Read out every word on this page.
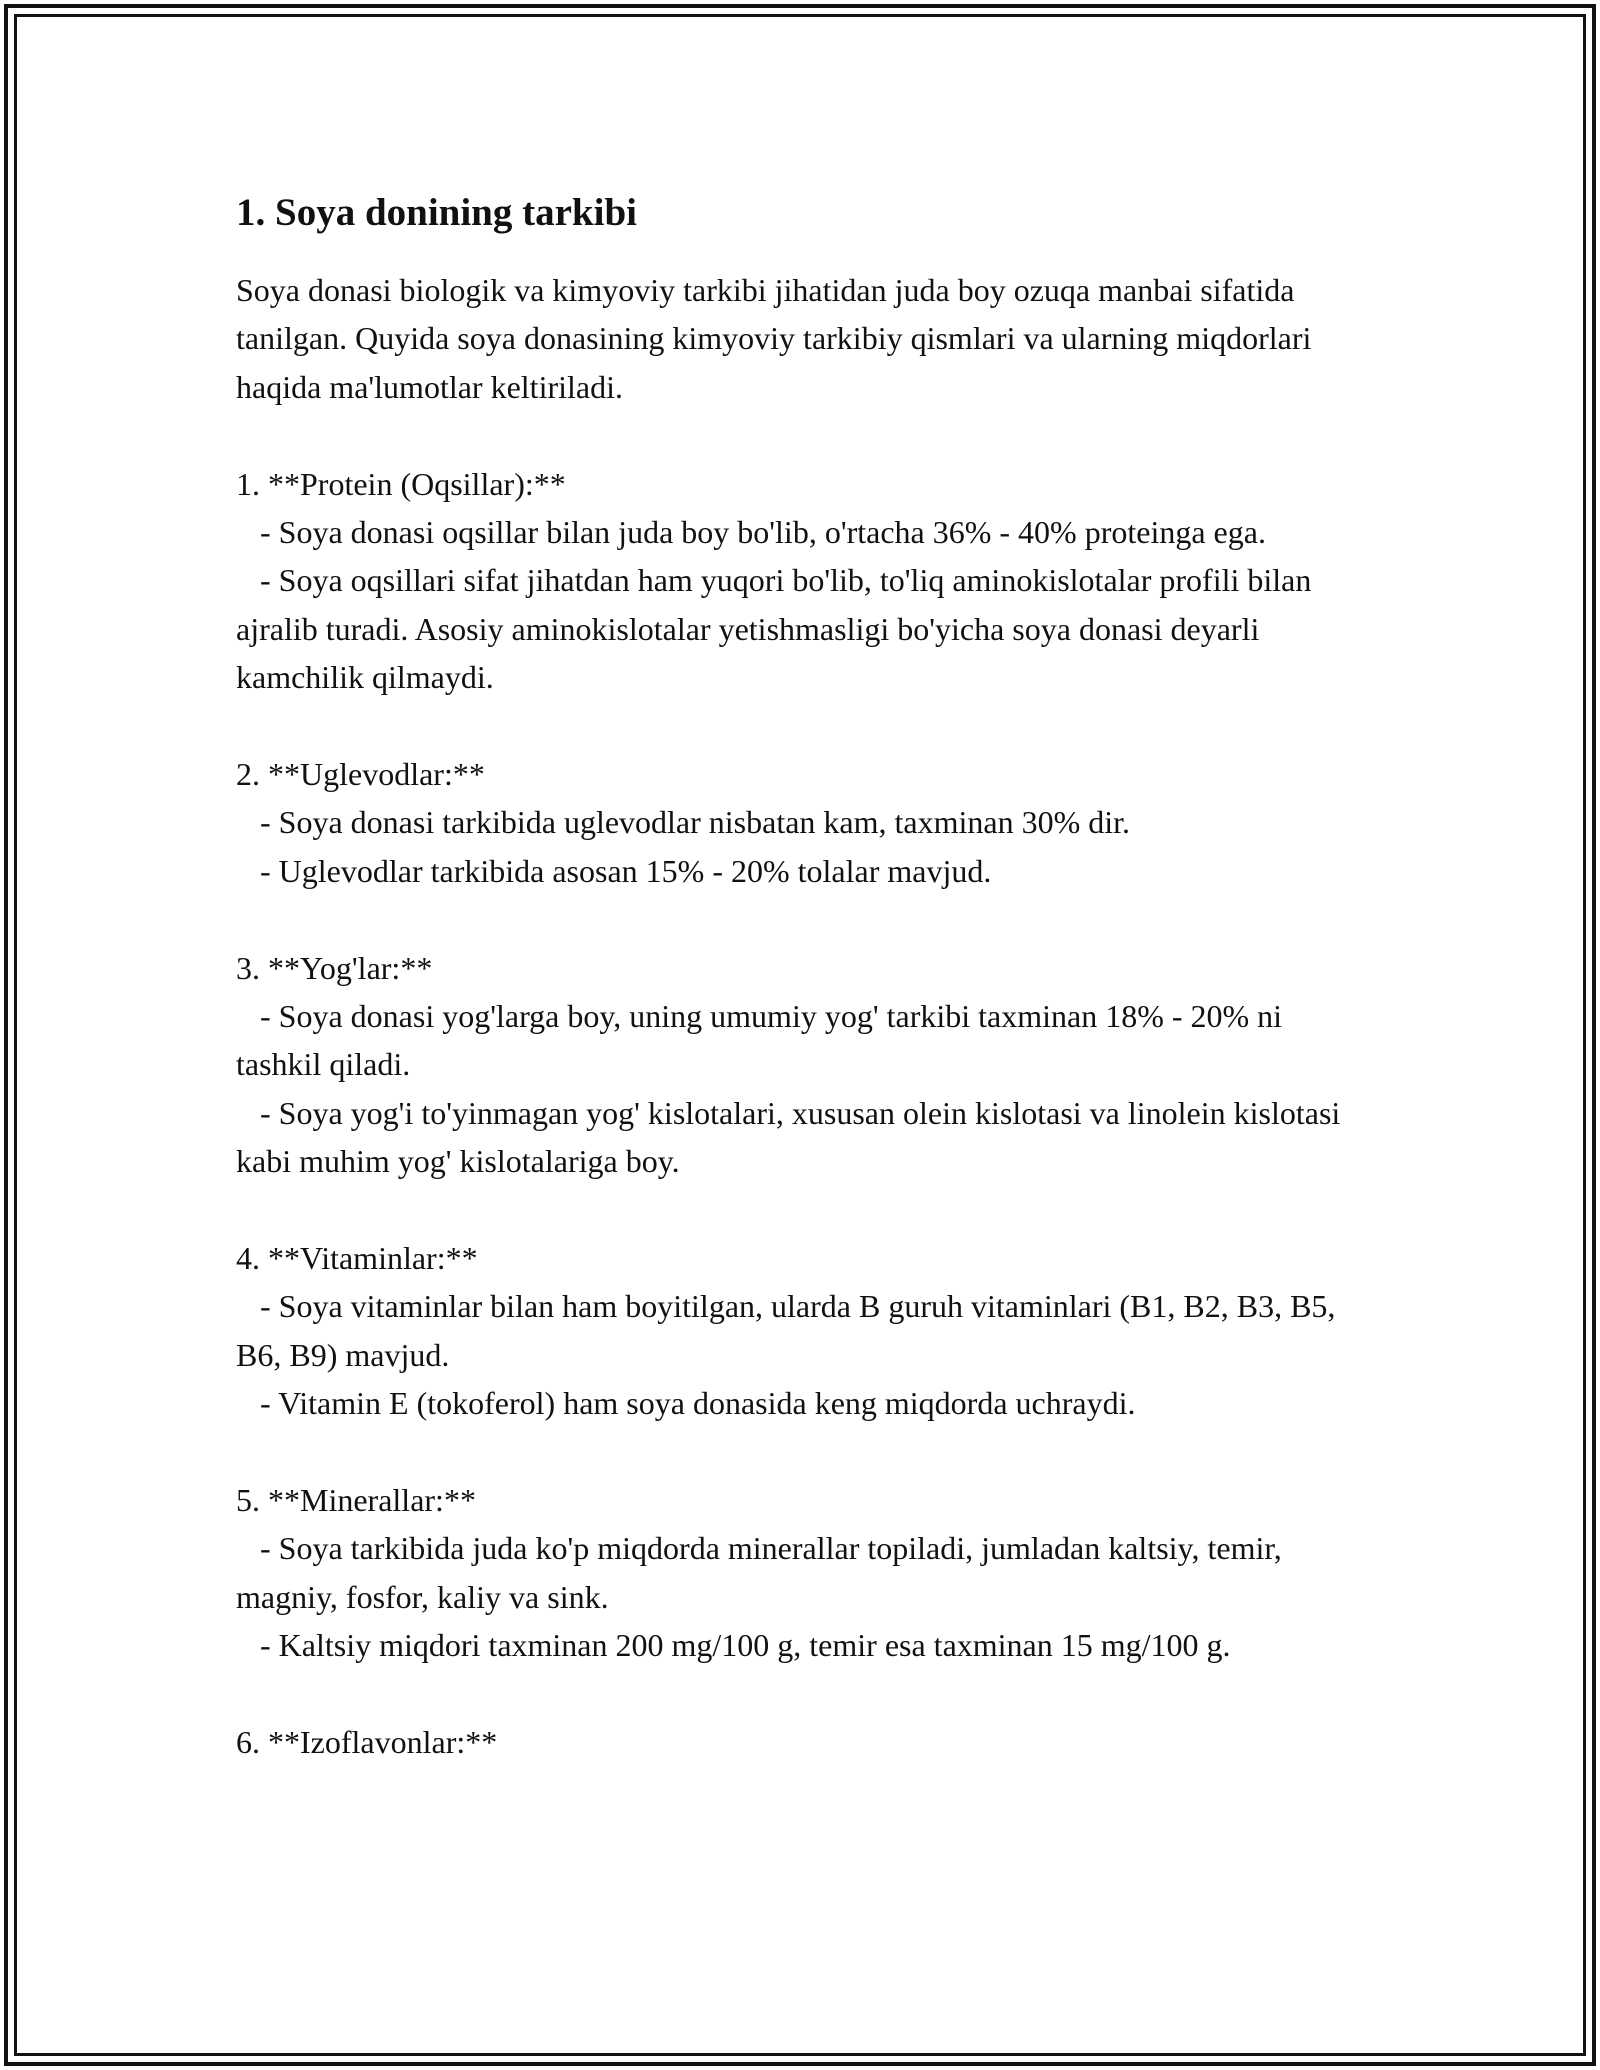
1. Soya donining tarkibi

Soya donasi biologik va kimyoviy tarkibi jihatidan juda boy ozuqa manbai sifatida tanilgan. Quyida soya donasining kimyoviy tarkibiy qismlari va ularning miqdorlari haqida ma'lumotlar keltiriladi.

1. **Protein (Oqsillar):**

- Soya donasi oqsillar bilan juda boy bo'lib, o'rtacha 36% - 40% proteinga ega.

- Soya oqsillari sifat jihatdan ham yuqori bo'lib, to'liq aminokislotalar profili bilan ajralib turadi. Asosiy aminokislotalar yetishmasligi bo'yicha soya donasi deyarli kamchilik qilmaydi.

2. **Uglevodlar:**

- Soya donasi tarkibida uglevodlar nisbatan kam, taxminan 30% dir.

- Uglevodlar tarkibida asosan 15% - 20% tolalar mavjud.

3. **Yog'lar:**

- Soya donasi yog'larga boy, uning umumiy yog' tarkibi taxminan 18% - 20% ni tashkil qiladi.

- Soya yog'i to'yinmagan yog' kislotalari, xususan olein kislotasi va linolein kislotasi kabi muhim yog' kislotalariga boy.

4. **Vitaminlar:**

- Soya vitaminlar bilan ham boyitilgan, ularda B guruh vitaminlari (B1, B2, B3, B5, B6, B9) mavjud.

- Vitamin E (tokoferol) ham soya donasida keng miqdorda uchraydi.

5. **Minerallar:**

- Soya tarkibida juda ko'p miqdorda minerallar topiladi, jumladan kaltsiy, temir, magniy, fosfor, kaliy va sink.

- Kaltsiy miqdori taxminan 200 mg/100 g, temir esa taxminan 15 mg/100 g.

6. **Izoflavonlar:**
